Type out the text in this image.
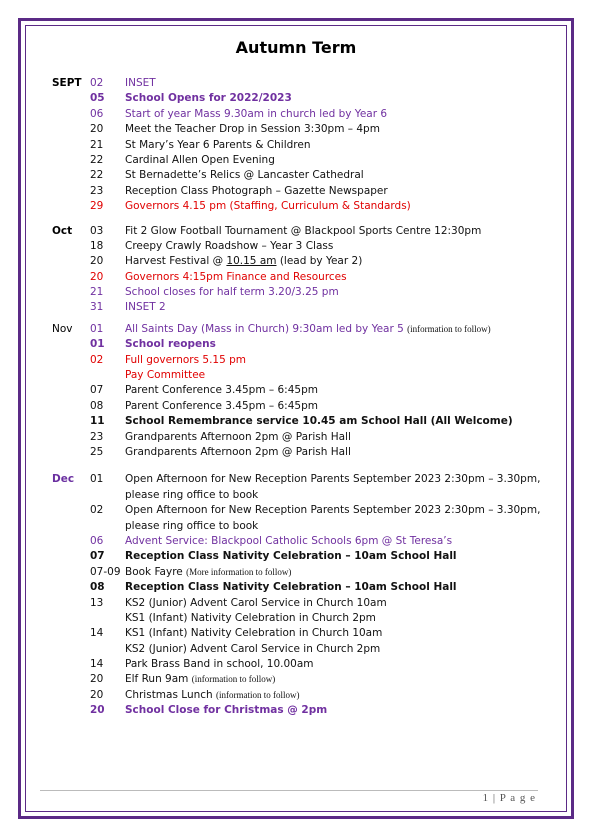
Autumn Term
SEPT 02	INSET
05	School Opens for 2022/2023
06	Start of year Mass 9.30am in church led by Year 6
20	Meet the Teacher Drop in Session 3:30pm – 4pm
21	St Mary’s Year 6 Parents & Children
22	Cardinal Allen Open Evening
22	St Bernadette’s Relics @ Lancaster Cathedral
23	Reception Class Photograph – Gazette Newspaper
29	Governors 4.15 pm (Staffing, Curriculum & Standards)
Oct	03	Fit 2 Glow Football Tournament @ Blackpool Sports Centre 12:30pm
18	Creepy Crawly Roadshow – Year 3 Class
20	Harvest Festival @ 10.15 am (lead by Year 2)
20	Governors 4:15pm Finance and Resources
21	School closes for half term 3.20/3.25 pm
31	INSET 2
Nov	01	All Saints Day (Mass in Church) 9:30am led by Year 5 (information to follow)
01	School reopens
02	Full governors 5.15 pm
Pay Committee
07	Parent Conference 3.45pm – 6:45pm
08	Parent Conference 3.45pm – 6:45pm
11	School Remembrance service 10.45 am School Hall (All Welcome)
23	Grandparents Afternoon 2pm @ Parish Hall
25	Grandparents Afternoon 2pm @ Parish Hall
Dec	01	Open Afternoon for New Reception Parents September 2023 2:30pm – 3.30pm, please ring office to book
02	Open Afternoon for New Reception Parents September 2023 2:30pm – 3.30pm, please ring office to book
06	Advent Service: Blackpool Catholic Schools 6pm @ St Teresa’s
07	Reception Class Nativity Celebration – 10am School Hall
07-09 Book Fayre (More information to follow)
08	Reception Class Nativity Celebration – 10am School Hall
13	KS2 (Junior) Advent Carol Service in Church 10am
KS1 (Infant) Nativity Celebration in Church 2pm
14	KS1 (Infant) Nativity Celebration in Church 10am
KS2 (Junior) Advent Carol Service in Church 2pm
14	Park Brass Band in school, 10.00am
20	Elf Run 9am (information to follow)
20	Christmas Lunch (information to follow)
20	School Close for Christmas @ 2pm
1 | P a g e
